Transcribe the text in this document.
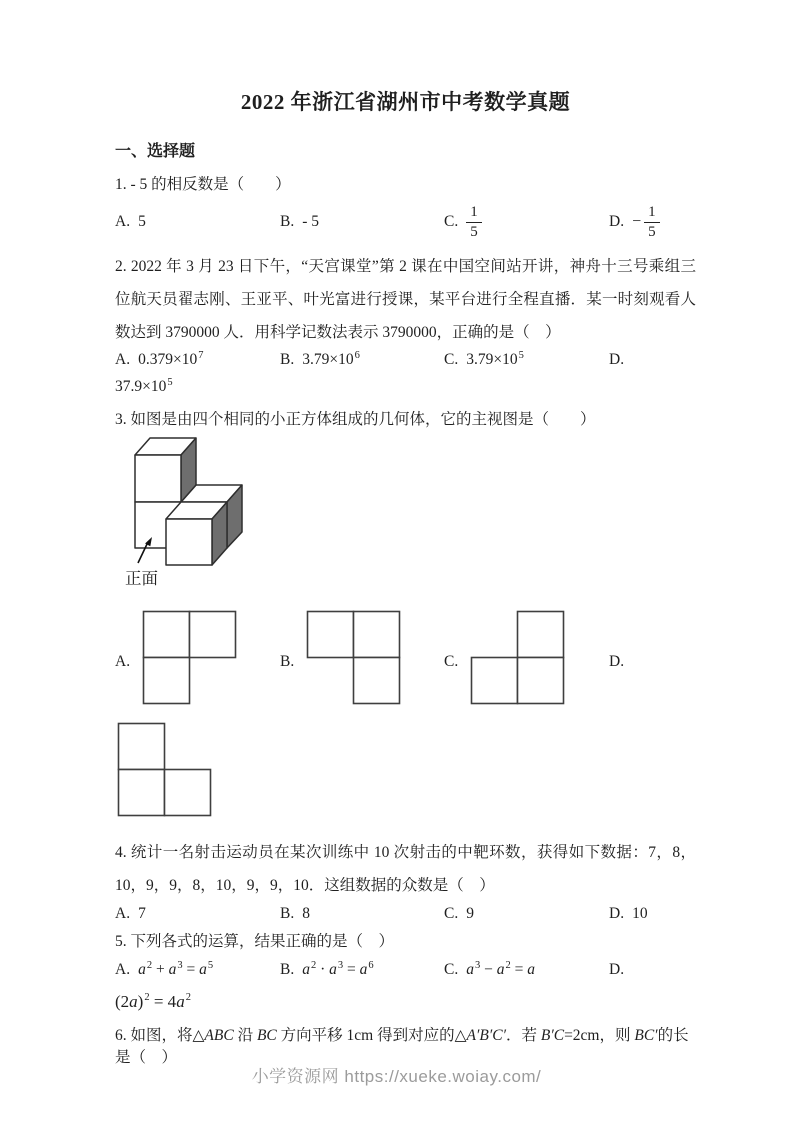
2022 年浙江省湖州市中考数学真题
一、选择题
1. - 5 的相反数是（　　）
A. 5	B. - 5	C. $\frac{1}{5}$	D. − $\frac{1}{5}$
2. 2022 年 3 月 23 日下午，“天宫课堂”第 2 课在中国空间站开讲，神舟十三号乘组三位航天员翟志刚、王亚平、叶光富进行授课，某平台进行全程直播．某一时刻观看人数达到 3790000 人．用科学记数法表示 3790000，正确的是（　）
A. $0.379\times 10^7$	B. $3.79\times 10^6$	C. $3.79\times 10^5$	D.
$37.9\times 10^5$
3. 如图是由四个相同的小正方体组成的几何体，它的主视图是（　　）
正面
A.	B.	C.	D.
4. 统计一名射击运动员在某次训练中 10 次射击的中靶环数，获得如下数据：7，8，10，9，9，8，10，9，9，10．这组数据的众数是（　）
A. 7	B. 8	C. 9	D. 10
5. 下列各式的运算，结果正确的是（　）
A. $a^2 + a^3 = a^5$	B. $a^2 \cdot a^3 = a^6$	C. $a^3 - a^2 = a$	D.
$(2a)^2 = 4a^2$
6. 如图，将△ABC 沿 BC 方向平移 1cm 得到对应的△A′B′C′．若 B′C=2cm，则 BC′的长是（　）
小学资源网 https://xueke.woiay.com/
